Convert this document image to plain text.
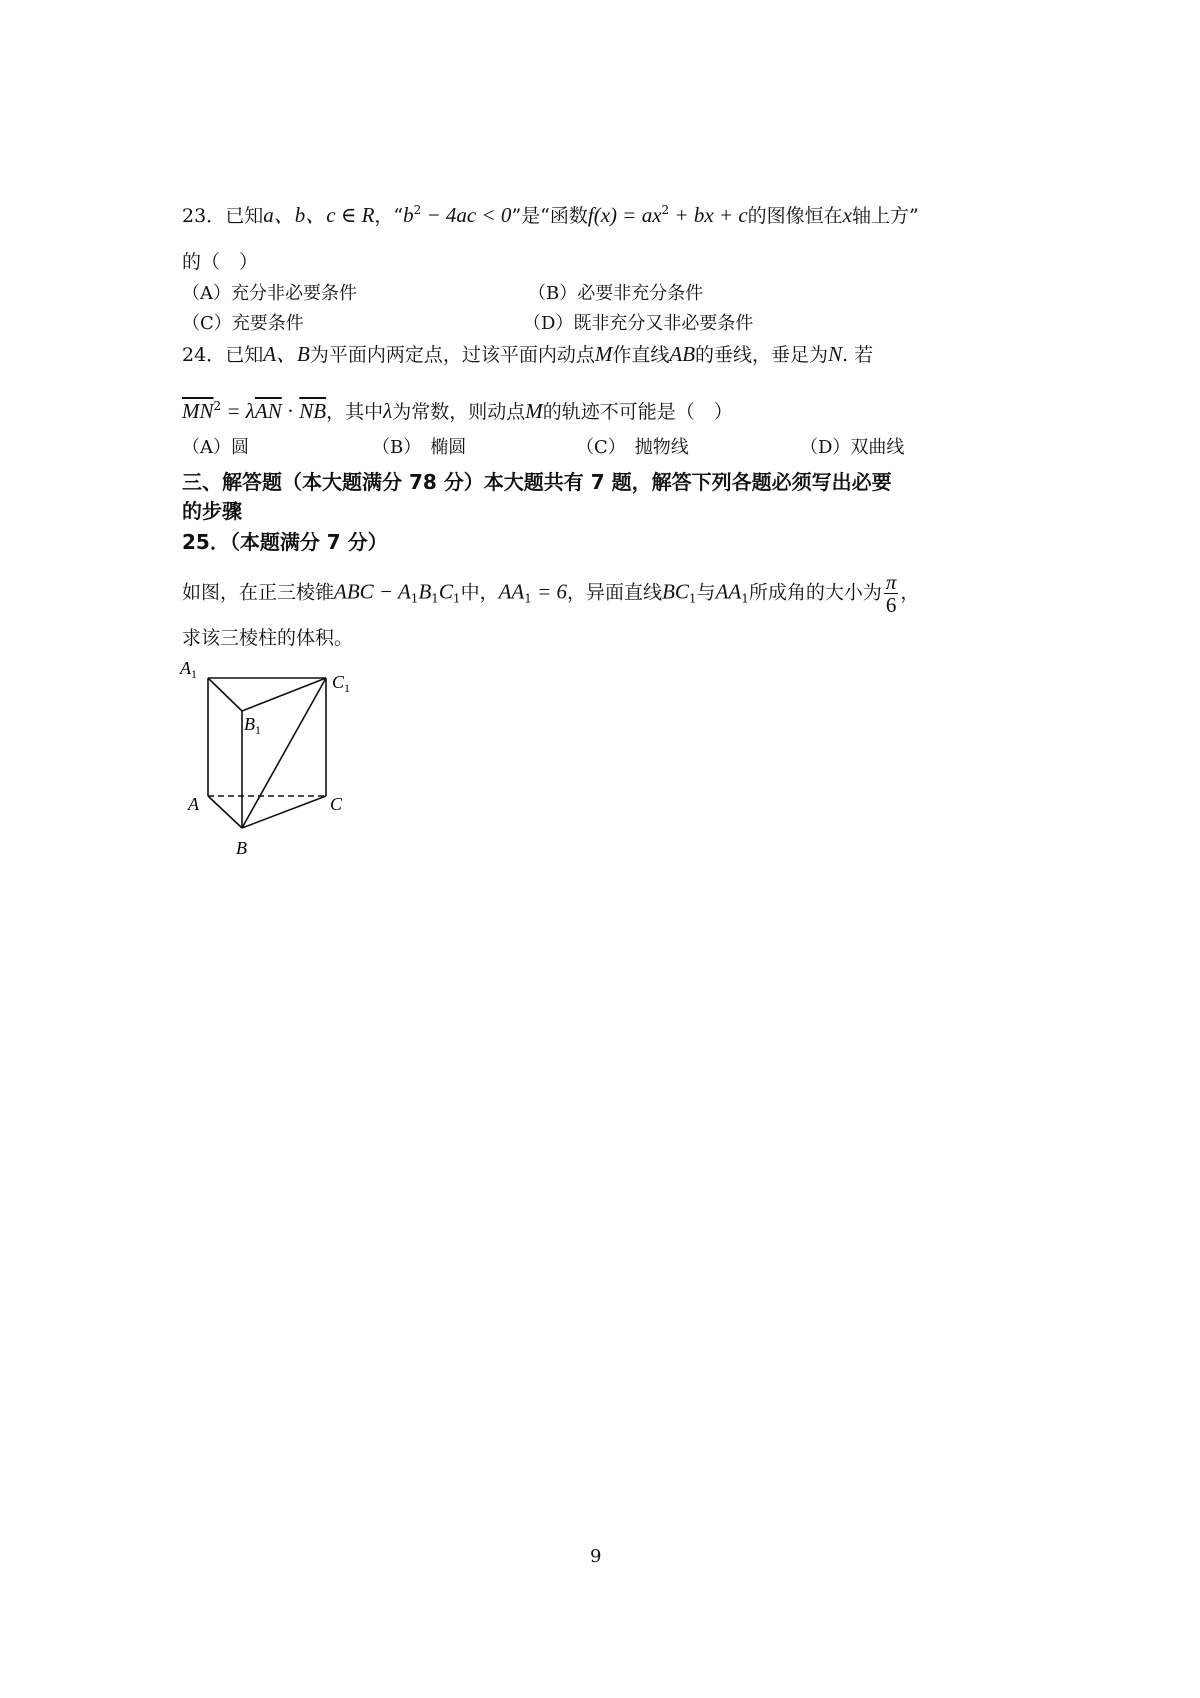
23．已知a、b、c ∈ R，“$b^2 - 4ac < 0$”是“函数$f(x) = ax^2$ + bx + c的图像恒在x轴上方”
的（　）
（A）充分非必要条件	（B）必要非充分条件
（C）充要条件	（D）既非充分又非必要条件
24．已知A、B为平面内两定点，过该平面内动点M作直线AB的垂线，垂足为N. 若
$\overline{MN}^2 = \lambda\overline{AN} \cdot \overline{NB}$，其中λ为常数，则动点M的轨迹不可能是（　）
（A）圆	（B）　椭圆	（C）　抛物线	（D）双曲线
三、解答题（本大题满分 78 分）本大题共有 7 题，解答下列各题必须写出必要
的步骤
25．（本题满分 7 分）
如图，在正三棱锥ABC − $A_1B_1C_1$中，$AA_1 = 6$，异面直线$BC_1$与$AA_1$所成角的大小为 $\frac{\pi}{6}$ ，
求该三棱柱的体积。
$A_1$	$C_1$
$B_1$
A	C
B
9
